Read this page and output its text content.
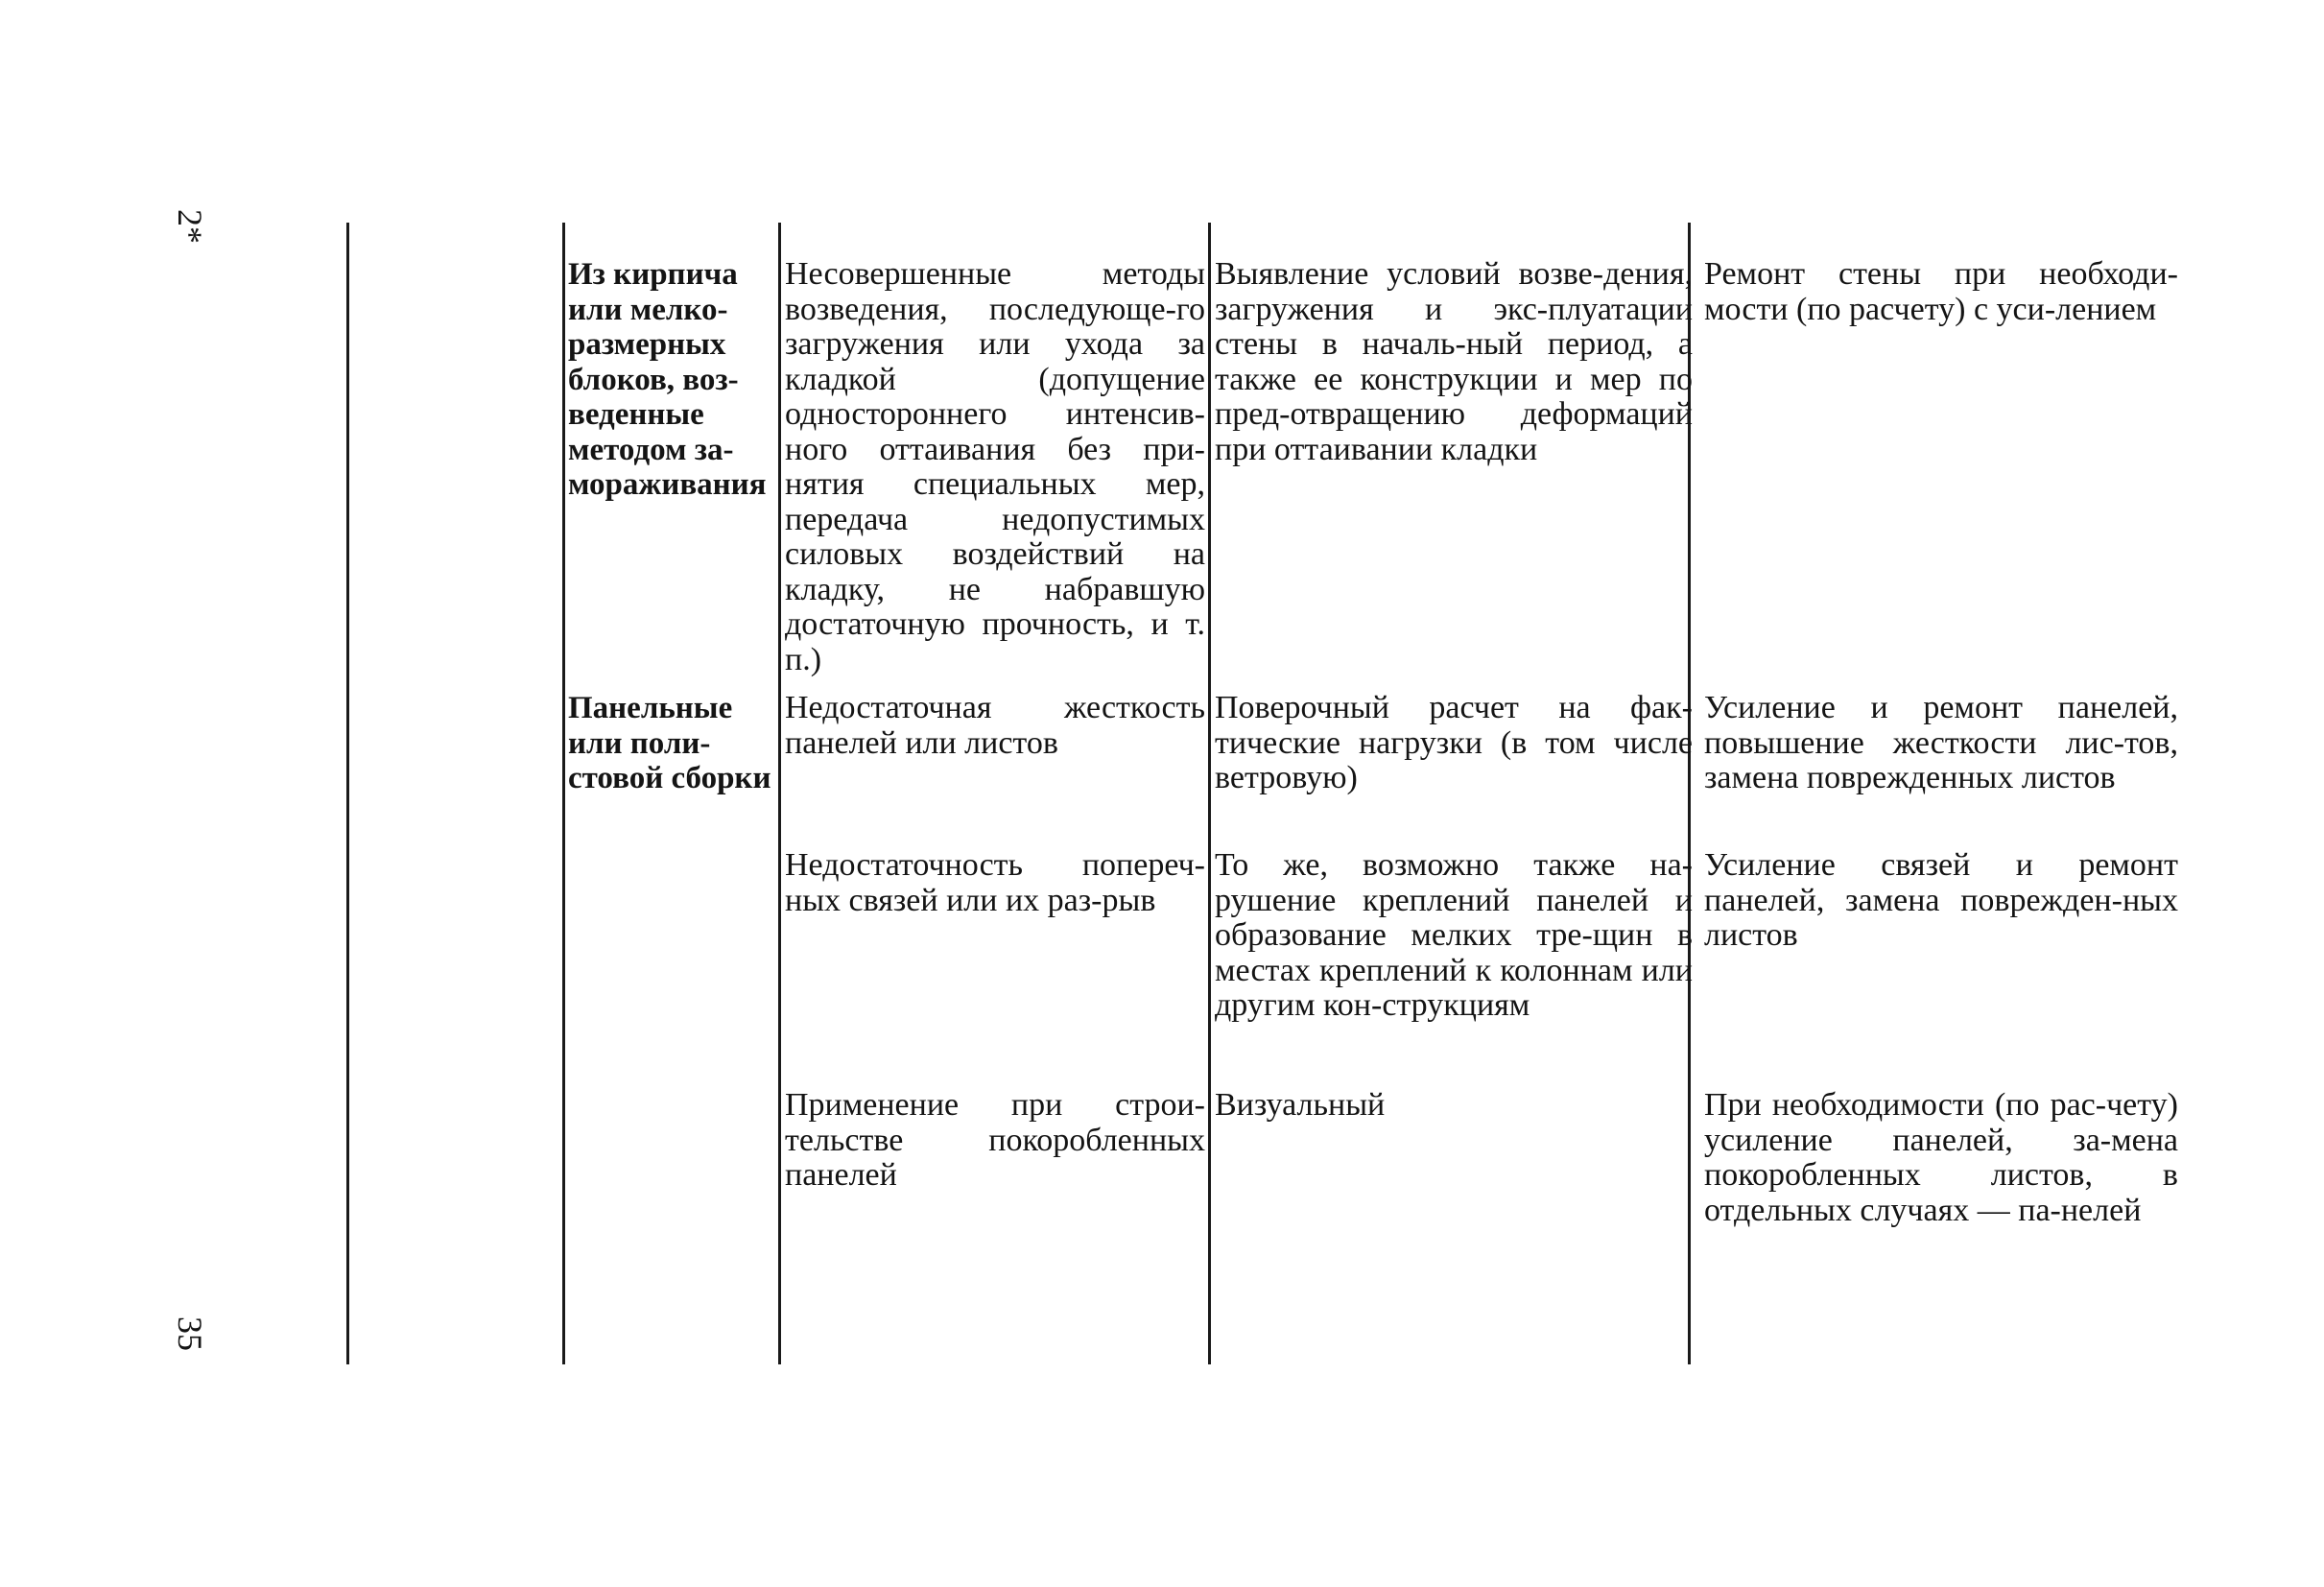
2*
35

Из кирпича или мелко-размерных блоков, воз-веденные методом за-мораживания

Несовершенные методы возведения, последующе-го загружения или ухода за кладкой (допущение одностороннего интенсив-ного оттаивания без при-нятия специальных мер, передача недопустимых силовых воздействий на кладку, не набравшую достаточную прочность, и т. п.)

Выявление условий возве-дения, загружения и экс-плуатации стены в началь-ный период, а также ее конструкции и мер по пред-отвращению деформаций при оттаивании кладки

Ремонт стены при необходи-мости (по расчету) с уси-лением

Панельные или поли-стовой сборки

Недостаточная жесткость панелей или листов

Поверочный расчет на фак-тические нагрузки (в том числе ветровую)

Усиление и ремонт панелей, повышение жесткости лис-тов, замена поврежденных листов

Недостаточность попереч-ных связей или их раз-рыв

То же, возможно также на-рушение креплений панелей и образование мелких тре-щин в местах креплений к колоннам или другим кон-струкциям

Усиление связей и ремонт панелей, замена поврежден-ных листов

Применение при строи-тельстве покоробленных панелей

Визуальный	При необходимости (по рас-чету) усиление панелей, за-мена покоробленных листов, в отдельных случаях — па-нелей
